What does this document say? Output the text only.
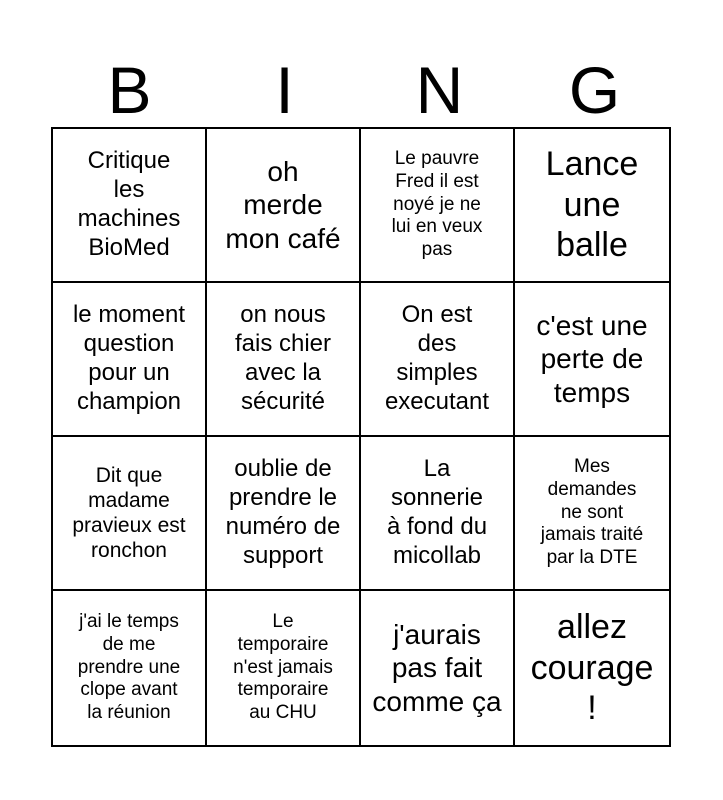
B	I	N	G
Critique
les
machines
BioMed
oh
merde
mon café
Le pauvre
Fred il est
noyé je ne
lui en veux
pas
Lance
une
balle
le moment
question
pour un
champion
on nous
fais chier
avec la
sécurité
On est
des
simples
executant
c'est une
perte de
temps
Dit que
madame
pravieux est
ronchon
oublie de
prendre le
numéro de
support
La
sonnerie
à fond du
micollab
Mes
demandes
ne sont
jamais traité
par la DTE
j'ai le temps
de me
prendre une
clope avant
la réunion
Le
temporaire
n'est jamais
temporaire
au CHU
j'aurais
pas fait
comme ça
allez
courage
!
